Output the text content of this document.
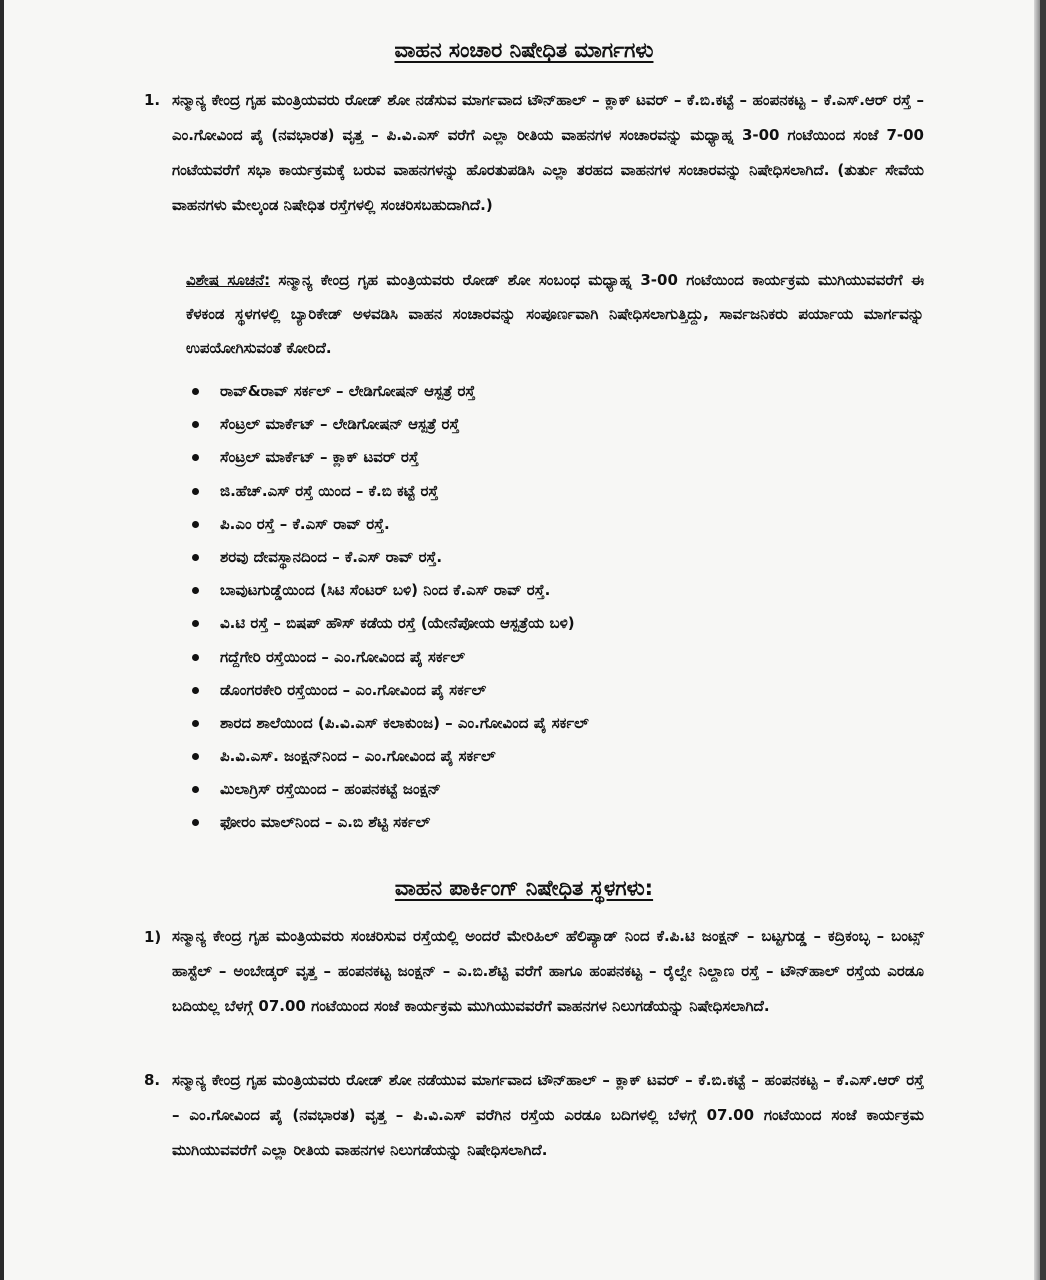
ವಾಹನ ಸಂಚಾರ ನಿಷೇಧಿತ ಮಾರ್ಗಗಳು
1. ಸನ್ಮಾನ್ಯ ಕೇಂದ್ರ ಗೃಹ ಮಂತ್ರಿಯವರು ರೋಡ್ ಶೋ ನಡೆಸುವ ಮಾರ್ಗವಾದ ಟೌನ್‌ಹಾಲ್ – ಕ್ಲಾಕ್ ಟವರ್ – ಕೆ.ಬಿ.ಕಟ್ಟೆ – ಹಂಪನಕಟ್ಟ – ಕೆ.ಎಸ್.ಆರ್ ರಸ್ತೆ – ಎಂ.ಗೋವಿಂದ ಪೈ (ನವಭಾರತ) ವೃತ್ತ – ಪಿ.ವಿ.ಎಸ್ ವರೆಗೆ ಎಲ್ಲಾ ರೀತಿಯ ವಾಹನಗಳ ಸಂಚಾರವನ್ನು ಮಧ್ಯಾಹ್ನ 3-00 ಗಂಟೆಯಿಂದ ಸಂಜೆ 7-00 ಗಂಟೆಯವರೆಗೆ ಸಭಾ ಕಾರ್ಯಕ್ರಮಕ್ಕೆ ಬರುವ ವಾಹನಗಳನ್ನು ಹೊರತುಪಡಿಸಿ ಎಲ್ಲಾ ತರಹದ ವಾಹನಗಳ ಸಂಚಾರವನ್ನು ನಿಷೇಧಿಸಲಾಗಿದೆ. (ತುರ್ತು ಸೇವೆಯ ವಾಹನಗಳು ಮೇಲ್ಕಂಡ ನಿಷೇಧಿತ ರಸ್ತೆಗಳಲ್ಲಿ ಸಂಚರಿಸಬಹುದಾಗಿದೆ.)
ವಿಶೇಷ ಸೂಚನೆ: ಸನ್ಮಾನ್ಯ ಕೇಂದ್ರ ಗೃಹ ಮಂತ್ರಿಯವರು ರೋಡ್ ಶೋ ಸಂಬಂಧ ಮಧ್ಯಾಹ್ನ 3-00 ಗಂಟೆಯಿಂದ ಕಾರ್ಯಕ್ರಮ ಮುಗಿಯುವವರೆಗೆ ಈ ಕೆಳಕಂಡ ಸ್ಥಳಗಳಲ್ಲಿ ಬ್ಯಾರಿಕೇಡ್ ಅಳವಡಿಸಿ ವಾಹನ ಸಂಚಾರವನ್ನು ಸಂಪೂರ್ಣವಾಗಿ ನಿಷೇಧಿಸಲಾಗುತ್ತಿದ್ದು, ಸಾರ್ವಜನಿಕರು ಪರ್ಯಾಯ ಮಾರ್ಗವನ್ನು ಉಪಯೋಗಿಸುವಂತೆ ಕೋರಿದೆ.
ರಾವ್&ರಾವ್ ಸರ್ಕಲ್ – ಲೇಡಿಗೋಷನ್ ಆಸ್ಪತ್ರೆ ರಸ್ತೆ
ಸೆಂಟ್ರಲ್ ಮಾರ್ಕೆಟ್ – ಲೇಡಿಗೋಷನ್ ಆಸ್ಪತ್ರೆ ರಸ್ತೆ
ಸೆಂಟ್ರಲ್ ಮಾರ್ಕೆಟ್ – ಕ್ಲಾಕ್ ಟವರ್ ರಸ್ತೆ
ಜಿ.ಹೆಚ್.ಎಸ್ ರಸ್ತೆ ಯಿಂದ – ಕೆ.ಬಿ ಕಟ್ಟೆ ರಸ್ತೆ
ಪಿ.ಎಂ ರಸ್ತೆ – ಕೆ.ಎಸ್ ರಾವ್ ರಸ್ತೆ.
ಶರವು ದೇವಸ್ಥಾನದಿಂದ – ಕೆ.ಎಸ್ ರಾವ್ ರಸ್ತೆ.
ಬಾವುಟಗುಡ್ಡೆಯಿಂದ (ಸಿಟಿ ಸೆಂಟರ್ ಬಳಿ) ನಿಂದ ಕೆ.ಎಸ್ ರಾವ್ ರಸ್ತೆ.
ವಿ.ಟಿ ರಸ್ತೆ – ಬಿಷಪ್ ಹೌಸ್ ಕಡೆಯ ರಸ್ತೆ (ಯೇನೆಪೋಯ ಆಸ್ಪತ್ರೆಯ ಬಳಿ)
ಗದ್ದೆಗೇರಿ ರಸ್ತೆಯಿಂದ – ಎಂ.ಗೋವಿಂದ ಪೈ ಸರ್ಕಲ್
ಡೊಂಗರಕೇರಿ ರಸ್ತೆಯಿಂದ – ಎಂ.ಗೋವಿಂದ ಪೈ ಸರ್ಕಲ್
ಶಾರದ ಶಾಲೆಯಿಂದ (ಪಿ.ವಿ.ಎಸ್ ಕಲಾಕುಂಜ) – ಎಂ.ಗೋವಿಂದ ಪೈ ಸರ್ಕಲ್
ಪಿ.ವಿ.ಎಸ್. ಜಂಕ್ಷನ್‌ನಿಂದ – ಎಂ.ಗೋವಿಂದ ಪೈ ಸರ್ಕಲ್
ಮಿಲಾಗ್ರಿಸ್ ರಸ್ತೆಯಿಂದ – ಹಂಪನಕಟ್ಟೆ ಜಂಕ್ಷನ್
ಫೋರಂ ಮಾಲ್‌ನಿಂದ – ಎ.ಬಿ ಶೆಟ್ಟಿ ಸರ್ಕಲ್
ವಾಹನ ಪಾರ್ಕಿಂಗ್ ನಿಷೇಧಿತ ಸ್ಥಳಗಳು:
1) ಸನ್ಮಾನ್ಯ ಕೇಂದ್ರ ಗೃಹ ಮಂತ್ರಿಯವರು ಸಂಚರಿಸುವ ರಸ್ತೆಯಲ್ಲಿ ಅಂದರೆ ಮೇರಿಹಿಲ್ ಹೆಲಿಪ್ಯಾಡ್ ನಿಂದ ಕೆ.ಪಿ.ಟಿ ಜಂಕ್ಷನ್ – ಬಟ್ಟಗುಡ್ಡ – ಕದ್ರಿಕಂಬ್ಳ – ಬಂಟ್ಸ್ ಹಾಸ್ಟೆಲ್ – ಅಂಬೇಡ್ಕರ್ ವೃತ್ತ – ಹಂಪನಕಟ್ಟ ಜಂಕ್ಷನ್ – ಎ.ಬಿ.ಶೆಟ್ಟಿ ವರೆಗೆ ಹಾಗೂ ಹಂಪನಕಟ್ಟ – ರೈಲ್ವೇ ನಿಲ್ದಾಣ ರಸ್ತೆ – ಟೌನ್‌ಹಾಲ್ ರಸ್ತೆಯ ಎರಡೂ ಬದಿಯಲ್ಲ ಬೆಳಗ್ಗೆ 07.00 ಗಂಟೆಯಿಂದ ಸಂಜೆ ಕಾರ್ಯಕ್ರಮ ಮುಗಿಯುವವರೆಗೆ ವಾಹನಗಳ ನಿಲುಗಡೆಯನ್ನು ನಿಷೇಧಿಸಲಾಗಿದೆ.
8. ಸನ್ಮಾನ್ಯ ಕೇಂದ್ರ ಗೃಹ ಮಂತ್ರಿಯವರು ರೋಡ್ ಶೋ ನಡೆಯುವ ಮಾರ್ಗವಾದ ಟೌನ್‌ಹಾಲ್ – ಕ್ಲಾಕ್ ಟವರ್ – ಕೆ.ಬಿ.ಕಟ್ಟೆ – ಹಂಪನಕಟ್ಟ – ಕೆ.ಎಸ್.ಆರ್ ರಸ್ತೆ – ಎಂ.ಗೋವಿಂದ ಪೈ (ನವಭಾರತ) ವೃತ್ತ – ಪಿ.ವಿ.ಎಸ್ ವರೆಗಿನ ರಸ್ತೆಯ ಎರಡೂ ಬದಿಗಳಲ್ಲಿ ಬೆಳಗ್ಗೆ 07.00 ಗಂಟೆಯಿಂದ ಸಂಜೆ ಕಾರ್ಯಕ್ರಮ ಮುಗಿಯುವವರೆಗೆ ಎಲ್ಲಾ ರೀತಿಯ ವಾಹನಗಳ ನಿಲುಗಡೆಯನ್ನು ನಿಷೇಧಿಸಲಾಗಿದೆ.
